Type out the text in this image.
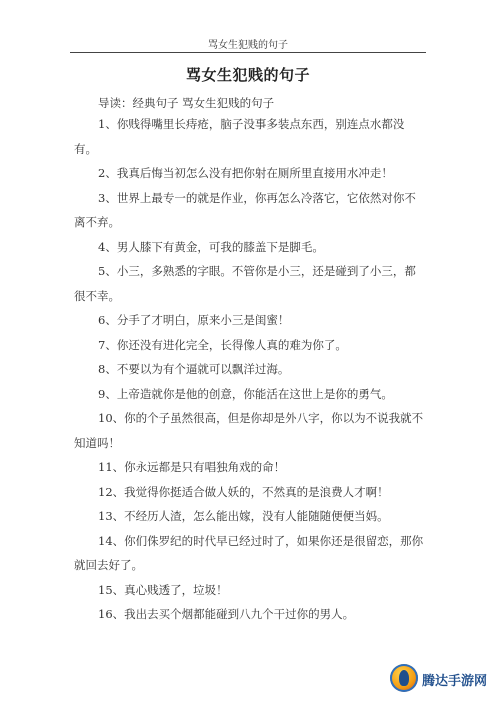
骂女生犯贱的句子
骂女生犯贱的句子
导读：经典句子 骂女生犯贱的句子
1、你贱得嘴里长痔疮，脑子没事多装点东西，别连点水都没有。
2、我真后悔当初怎么没有把你射在厕所里直接用水冲走！
3、世界上最专一的就是作业，你再怎么冷落它，它依然对你不离不弃。
4、男人膝下有黄金，可我的膝盖下是脚毛。
5、小三，多熟悉的字眼。不管你是小三，还是碰到了小三，都很不幸。
6、分手了才明白，原来小三是闺蜜！
7、你还没有进化完全，长得像人真的难为你了。
8、不要以为有个逼就可以飘洋过海。
9、上帝造就你是他的创意，你能活在这世上是你的勇气。
10、你的个子虽然很高，但是你却是外八字，你以为不说我就不知道吗！
11、你永远都是只有唱独角戏的命！
12、我觉得你挺适合做人妖的，不然真的是浪费人才啊！
13、不经历人渣，怎么能出嫁，没有人能随随便便当妈。
14、你们侏罗纪的时代早已经过时了，如果你还是很留恋，那你就回去好了。
15、真心贱透了，垃圾！
16、我出去买个烟都能碰到八九个干过你的男人。
腾达手游网
